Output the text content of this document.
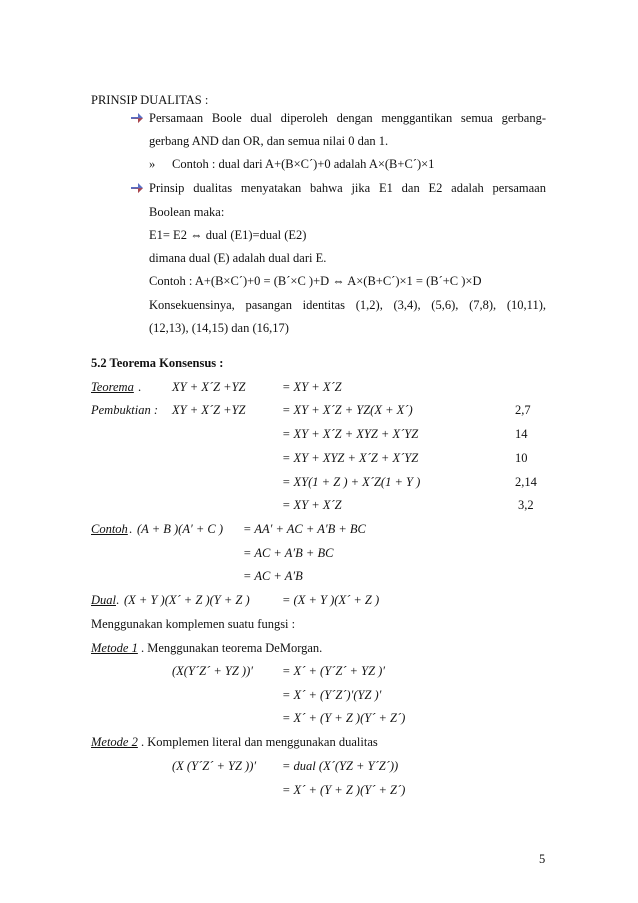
PRINSIP DUALITAS :
Persamaan Boole dual diperoleh dengan menggantikan semua gerbang-
gerbang AND dan OR, dan semua nilai 0 dan 1.
» Contoh : dual dari A+(B×C´)+0 adalah A×(B+C´)×1
Prinsip dualitas menyatakan bahwa jika E1 dan E2 adalah persamaan
Boolean maka:
E1= E2 ⇔ dual (E1)=dual (E2)
dimana dual (E) adalah dual dari E.
Contoh : A+(B×C´)+0 = (B´×C )+D ⇔ A×(B+C´)×1 = (B´+C )×D
Konsekuensinya, pasangan identitas (1,2), (3,4), (5,6), (7,8), (10,11),
(12,13), (14,15) dan (16,17)
5.2 Teorema Konsensus :
Teorema . XY + X´Z +YZ	= XY + X´Z
Pembuktian : XY + X´Z +YZ	= XY + X´Z + YZ(X + X´)	2,7
= XY + X´Z + XYZ + X´YZ	14
= XY + XYZ + X´Z + X´YZ	10
= XY(1 + Z ) + X´Z(1 + Y )	2,14
= XY + X´Z	3,2
Contoh . (A + B )(A′ + C ) = AA′ + AC + A′B + BC
= AC + A′B + BC
= AC + A′B
Dual . (X + Y )(X´ + Z )(Y + Z )	= (X + Y )(X´ + Z )
Menggunakan komplemen suatu fungsi :
Metode 1 . Menggunakan teorema DeMorgan.
(X(Y´Z´ + YZ ))′ = X´ + (Y´Z´ + YZ )′
= X´ + (Y´Z´)′(YZ )′
= X´ + (Y + Z )(Y´ + Z´)
Metode 2 . Komplemen literal dan menggunakan dualitas
(X (Y´Z´ + YZ ))′ = dual (X´(YZ + Y´Z´))
= X´ + (Y + Z )(Y´ + Z´)
5
